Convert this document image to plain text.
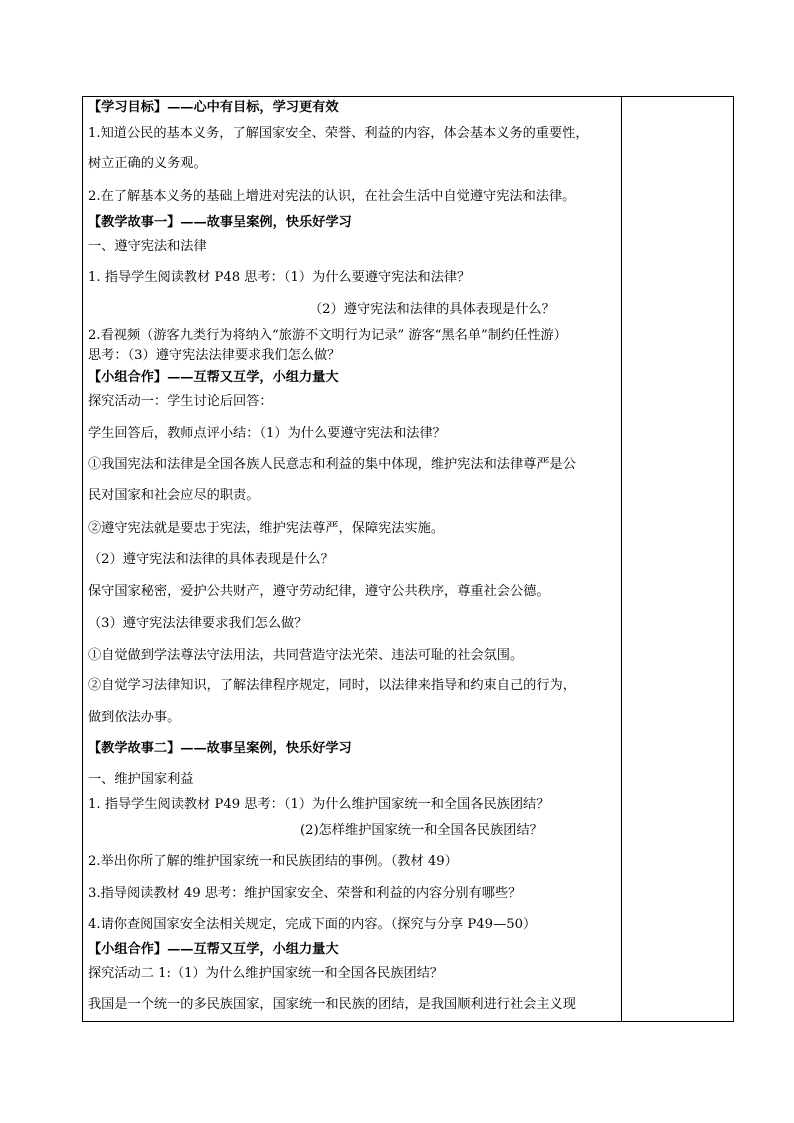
【学习目标】——心中有目标，学习更有效
1.知道公民的基本义务，了解国家安全、荣誉、利益的内容，体会基本义务的重要性，
树立正确的义务观。
2.在了解基本义务的基础上增进对宪法的认识，在社会生活中自觉遵守宪法和法律。
【教学故事一】——故事呈案例，快乐好学习
一、遵守宪法和法律
1. 指导学生阅读教材 P48 思考：（1）为什么要遵守宪法和法律？
（2）遵守宪法和法律的具体表现是什么？
2.看视频（游客九类行为将纳入“旅游不文明行为记录” 游客“黑名单”制约任性游）
思考：（3）遵守宪法法律要求我们怎么做？
【小组合作】——互帮又互学，小组力量大
探究活动一：学生讨论后回答：
学生回答后，教师点评小结：（1）为什么要遵守宪法和法律？
①我国宪法和法律是全国各族人民意志和利益的集中体现，维护宪法和法律尊严是公
民对国家和社会应尽的职责。
②遵守宪法就是要忠于宪法，维护宪法尊严，保障宪法实施。
（2）遵守宪法和法律的具体表现是什么？
保守国家秘密，爱护公共财产，遵守劳动纪律，遵守公共秩序，尊重社会公德。
（3）遵守宪法法律要求我们怎么做？
①自觉做到学法尊法守法用法，共同营造守法光荣、违法可耻的社会氛围。
②自觉学习法律知识，了解法律程序规定，同时，以法律来指导和约束自己的行为，
做到依法办事。
【教学故事二】——故事呈案例，快乐好学习
一、维护国家利益
1. 指导学生阅读教材 P49 思考：（1）为什么维护国家统一和全国各民族团结？
(2)怎样维护国家统一和全国各民族团结？
2.举出你所了解的维护国家统一和民族团结的事例。（教材 49）
3.指导阅读教材 49 思考：维护国家安全、荣誉和利益的内容分别有哪些？
4.请你查阅国家安全法相关规定，完成下面的内容。（探究与分享 P49—50）
【小组合作】——互帮又互学，小组力量大
探究活动二 1:（1）为什么维护国家统一和全国各民族团结？
我国是一个统一的多民族国家，国家统一和民族的团结，是我国顺利进行社会主义现
